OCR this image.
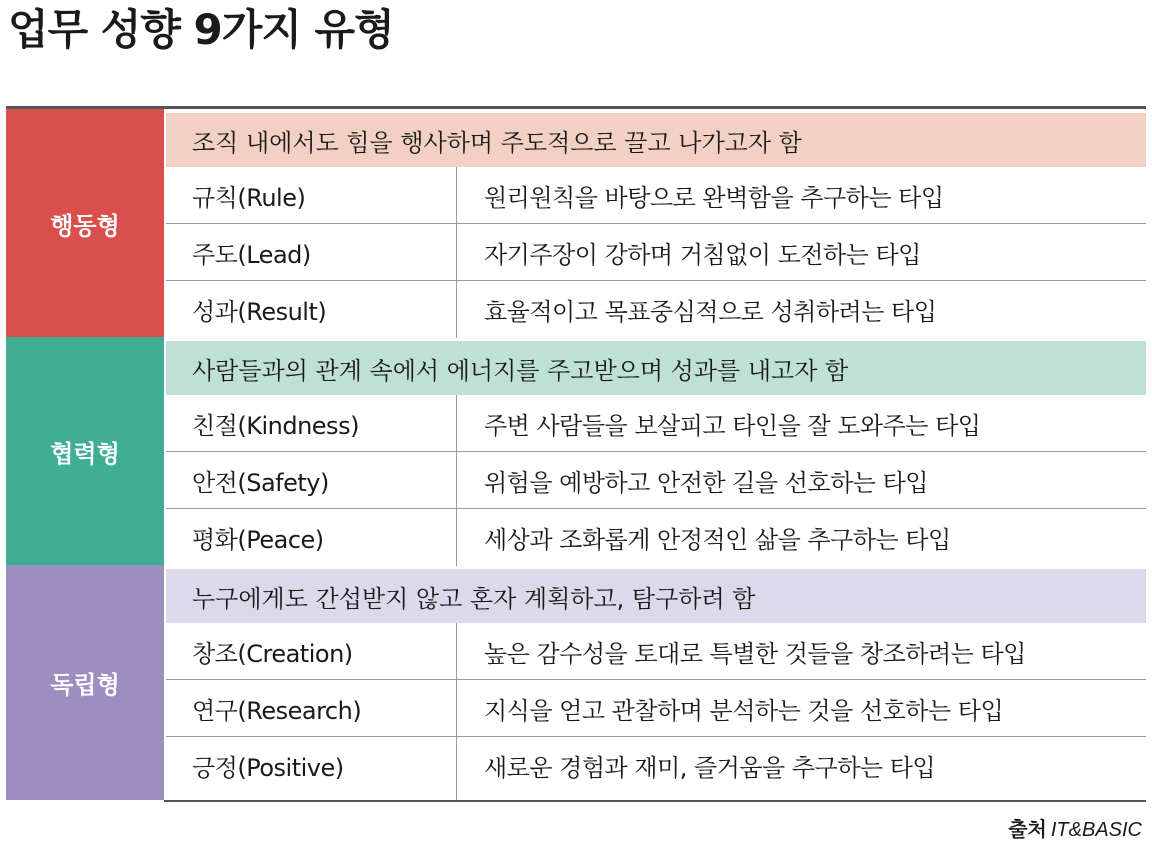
업무 성향 9가지 유형
행동형
조직 내에서도 힘을 행사하며 주도적으로 끌고 나가고자 함
규칙(Rule)	원리원칙을 바탕으로 완벽함을 추구하는 타입
주도(Lead)	자기주장이 강하며 거침없이 도전하는 타입
성과(Result)	효율적이고 목표중심적으로 성취하려는 타입
협력형
사람들과의 관계 속에서 에너지를 주고받으며 성과를 내고자 함
친절(Kindness)	주변 사람들을 보살피고 타인을 잘 도와주는 타입
안전(Safety)	위험을 예방하고 안전한 길을 선호하는 타입
평화(Peace)	세상과 조화롭게 안정적인 삶을 추구하는 타입
독립형
누구에게도 간섭받지 않고 혼자 계획하고, 탐구하려 함
창조(Creation)	높은 감수성을 토대로 특별한 것들을 창조하려는 타입
연구(Research)	지식을 얻고 관찰하며 분석하는 것을 선호하는 타입
긍정(Positive)	새로운 경험과 재미, 즐거움을 추구하는 타입
출처 IT&BASIC
